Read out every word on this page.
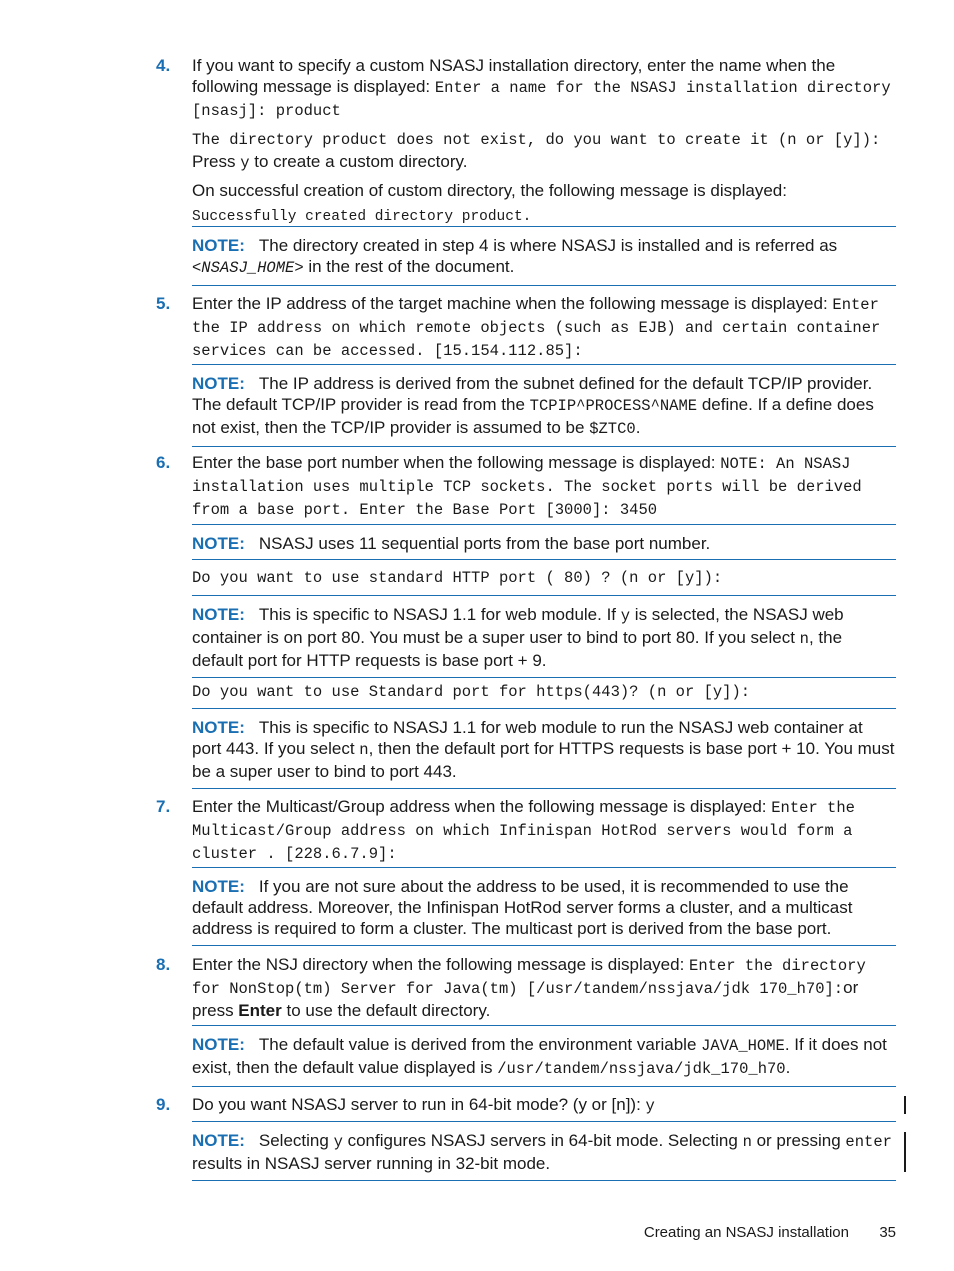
4. If you want to specify a custom NSASJ installation directory, enter the name when the following message is displayed: Enter a name for the NSASJ installation directory [nsasj]: product

The directory product does not exist, do you want to create it (n or [y]): Press y to create a custom directory.

On successful creation of custom directory, the following message is displayed:

Successfully created directory product.

NOTE: The directory created in step 4 is where NSASJ is installed and is referred as <NSASJ_HOME> in the rest of the document.
5. Enter the IP address of the target machine when the following message is displayed: Enter the IP address on which remote objects (such as EJB) and certain container services can be accessed. [15.154.112.85]:

NOTE: The IP address is derived from the subnet defined for the default TCP/IP provider. The default TCP/IP provider is read from the TCPIP^PROCESS^NAME define. If a define does not exist, then the TCP/IP provider is assumed to be $ZTC0.
6. Enter the base port number when the following message is displayed: NOTE: An NSASJ installation uses multiple TCP sockets. The socket ports will be derived from a base port. Enter the Base Port [3000]: 3450

NOTE: NSASJ uses 11 sequential ports from the base port number.
Do you want to use standard HTTP port ( 80) ? (n or [y]):
NOTE: This is specific to NSASJ 1.1 for web module. If y is selected, the NSASJ web container is on port 80. You must be a super user to bind to port 80. If you select n, the default port for HTTP requests is base port + 9.
Do you want to use Standard port for https(443)? (n or [y]):
NOTE: This is specific to NSASJ 1.1 for web module to run the NSASJ web container at port 443. If you select n, then the default port for HTTPS requests is base port + 10. You must be a super user to bind to port 443.
7. Enter the Multicast/Group address when the following message is displayed: Enter the Multicast/Group address on which Infinispan HotRod servers would form a cluster . [228.6.7.9]:

NOTE: If you are not sure about the address to be used, it is recommended to use the default address. Moreover, the Infinispan HotRod server forms a cluster, and a multicast address is required to form a cluster. The multicast port is derived from the base port.
8. Enter the NSJ directory when the following message is displayed: Enter the directory for NonStop(tm) Server for Java(tm) [/usr/tandem/nssjava/jdk 170_h70]:or press Enter to use the default directory.

NOTE: The default value is derived from the environment variable JAVA_HOME. If it does not exist, then the default value displayed is /usr/tandem/nssjava/jdk_170_h70.
9. Do you want NSASJ server to run in 64-bit mode? (y or [n]): y

NOTE: Selecting y configures NSASJ servers in 64-bit mode. Selecting n or pressing enter results in NSASJ server running in 32-bit mode.
Creating an NSASJ installation 35
